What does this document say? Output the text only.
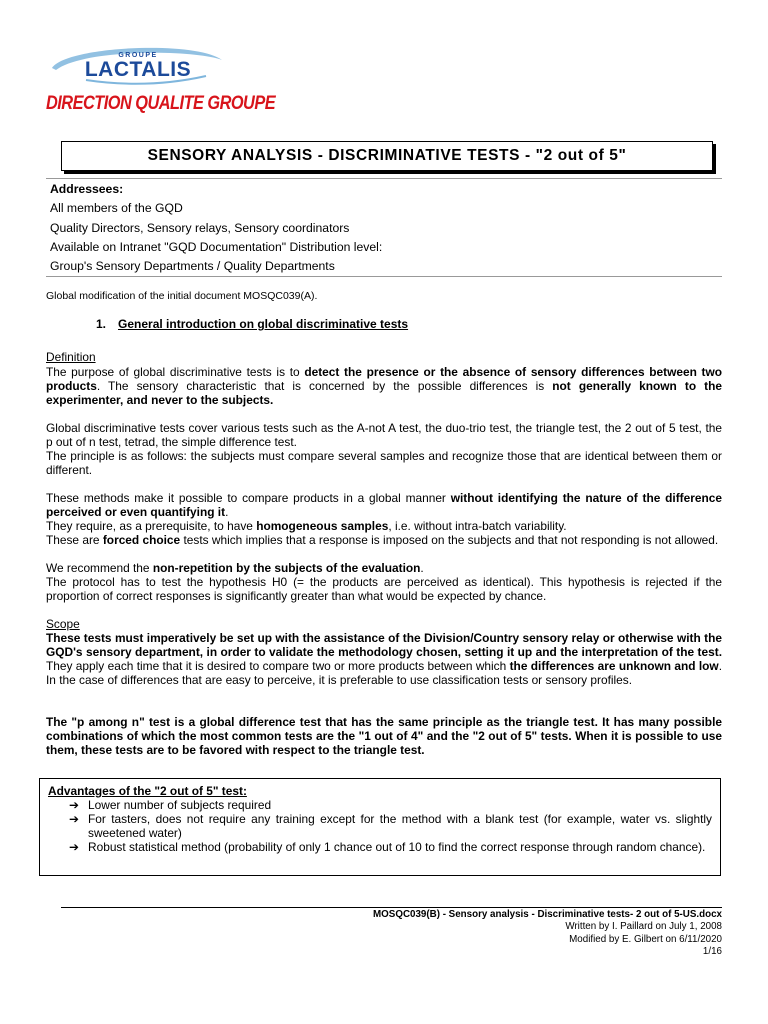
GROUPE
LACTALIS
DIRECTION QUALITE GROUPE
SENSORY ANALYSIS - DISCRIMINATIVE TESTS - "2 out of 5"
Addressees:
All members of the GQD
Quality Directors, Sensory relays, Sensory coordinators
Available on Intranet "GQD Documentation" Distribution level:
Group's Sensory Departments / Quality Departments
Global modification of the initial document MOSQC039(A).
1. General introduction on global discriminative tests
Definition
The purpose of global discriminative tests is to detect the presence or the absence of sensory differences between two products. The sensory characteristic that is concerned by the possible differences is not generally known to the experimenter, and never to the subjects.
Global discriminative tests cover various tests such as the A-not A test, the duo-trio test, the triangle test, the 2 out of 5 test, the p out of n test, tetrad, the simple difference test.
The principle is as follows: the subjects must compare several samples and recognize those that are identical between them or different.
These methods make it possible to compare products in a global manner without identifying the nature of the difference perceived or even quantifying it.
They require, as a prerequisite, to have homogeneous samples, i.e. without intra-batch variability.
These are forced choice tests which implies that a response is imposed on the subjects and that not responding is not allowed.
We recommend the non-repetition by the subjects of the evaluation.
The protocol has to test the hypothesis H0 (= the products are perceived as identical). This hypothesis is rejected if the proportion of correct responses is significantly greater than what would be expected by chance.
Scope
These tests must imperatively be set up with the assistance of the Division/Country sensory relay or otherwise with the GQD's sensory department, in order to validate the methodology chosen, setting it up and the interpretation of the test. They apply each time that it is desired to compare two or more products between which the differences are unknown and low. In the case of differences that are easy to perceive, it is preferable to use classification tests or sensory profiles.
The "p among n" test is a global difference test that has the same principle as the triangle test. It has many possible combinations of which the most common tests are the "1 out of 4" and the "2 out of 5" tests. When it is possible to use them, these tests are to be favored with respect to the triangle test.
Advantages of the "2 out of 5" test:
➔ Lower number of subjects required
➔ For tasters, does not require any training except for the method with a blank test (for example, water vs. slightly sweetened water)
➔ Robust statistical method (probability of only 1 chance out of 10 to find the correct response through random chance).
MOSQC039(B) - Sensory analysis - Discriminative tests- 2 out of 5-US.docx
Written by I. Paillard on July 1, 2008
Modified by E. Gilbert on 6/11/2020
1/16
